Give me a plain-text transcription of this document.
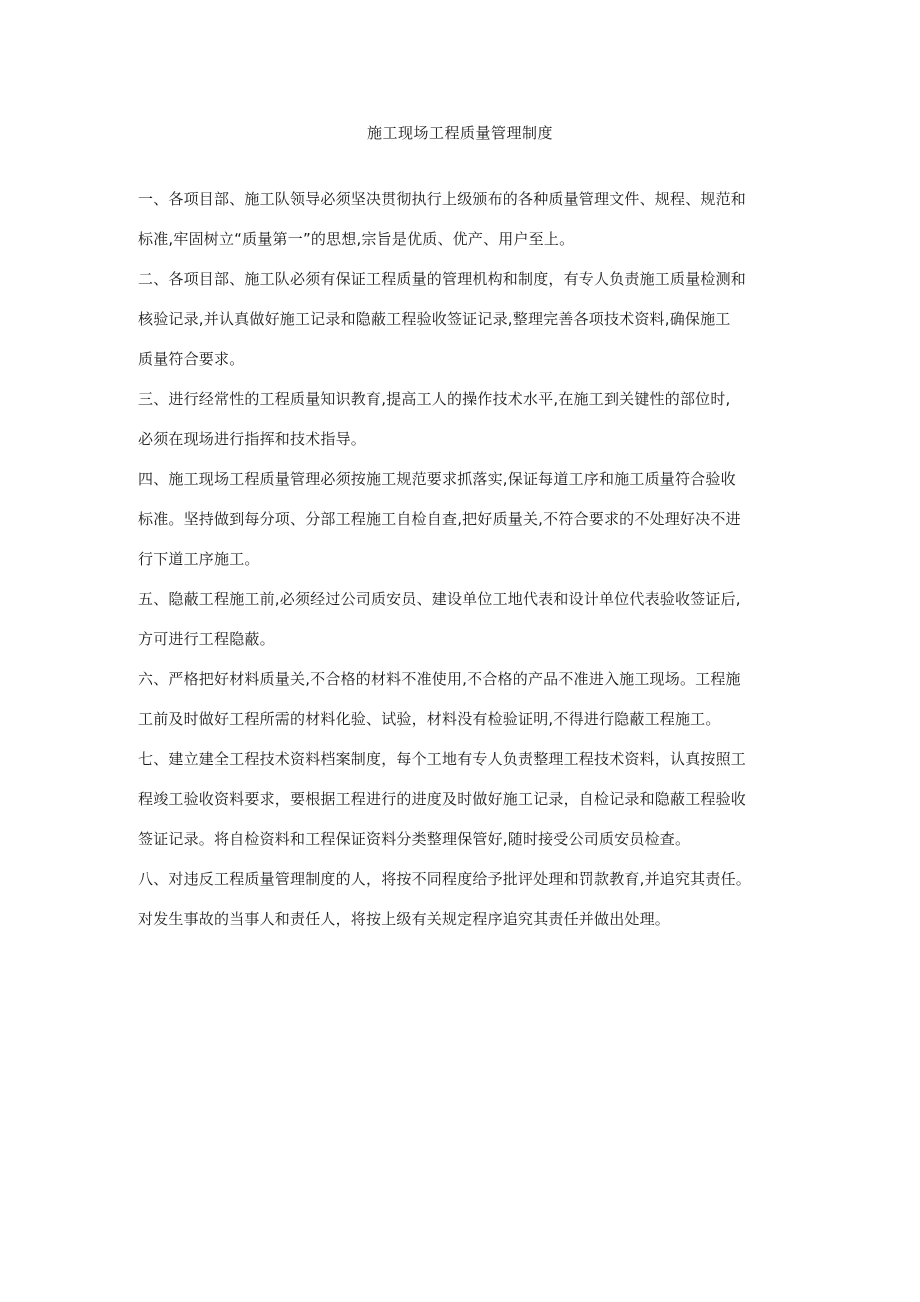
施工现场工程质量管理制度
一、各项目部、施工队领导必须坚决贯彻执行上级颁布的各种质量管理文件、规程、规范和
标准,牢固树立“质量第一”的思想,宗旨是优质、优产、用户至上。
二、各项目部、施工队必须有保证工程质量的管理机构和制度，有专人负责施工质量检测和
核验记录,并认真做好施工记录和隐蔽工程验收签证记录,整理完善各项技术资料,确保施工
质量符合要求。
三、进行经常性的工程质量知识教育,提高工人的操作技术水平,在施工到关键性的部位时,
必须在现场进行指挥和技术指导。
四、施工现场工程质量管理必须按施工规范要求抓落实,保证每道工序和施工质量符合验收
标准。坚持做到每分项、分部工程施工自检自查,把好质量关,不符合要求的不处理好决不进
行下道工序施工。
五、隐蔽工程施工前,必须经过公司质安员、建设单位工地代表和设计单位代表验收签证后,
方可进行工程隐蔽。
六、严格把好材料质量关,不合格的材料不准使用,不合格的产品不准进入施工现场。工程施
工前及时做好工程所需的材料化验、试验，材料没有检验证明,不得进行隐蔽工程施工。
七、建立建全工程技术资料档案制度，每个工地有专人负责整理工程技术资料，认真按照工
程竣工验收资料要求，要根据工程进行的进度及时做好施工记录，自检记录和隐蔽工程验收
签证记录。将自检资料和工程保证资料分类整理保管好,随时接受公司质安员检查。
八、对违反工程质量管理制度的人，将按不同程度给予批评处理和罚款教育,并追究其责任。
对发生事故的当事人和责任人，将按上级有关规定程序追究其责任并做出处理。
